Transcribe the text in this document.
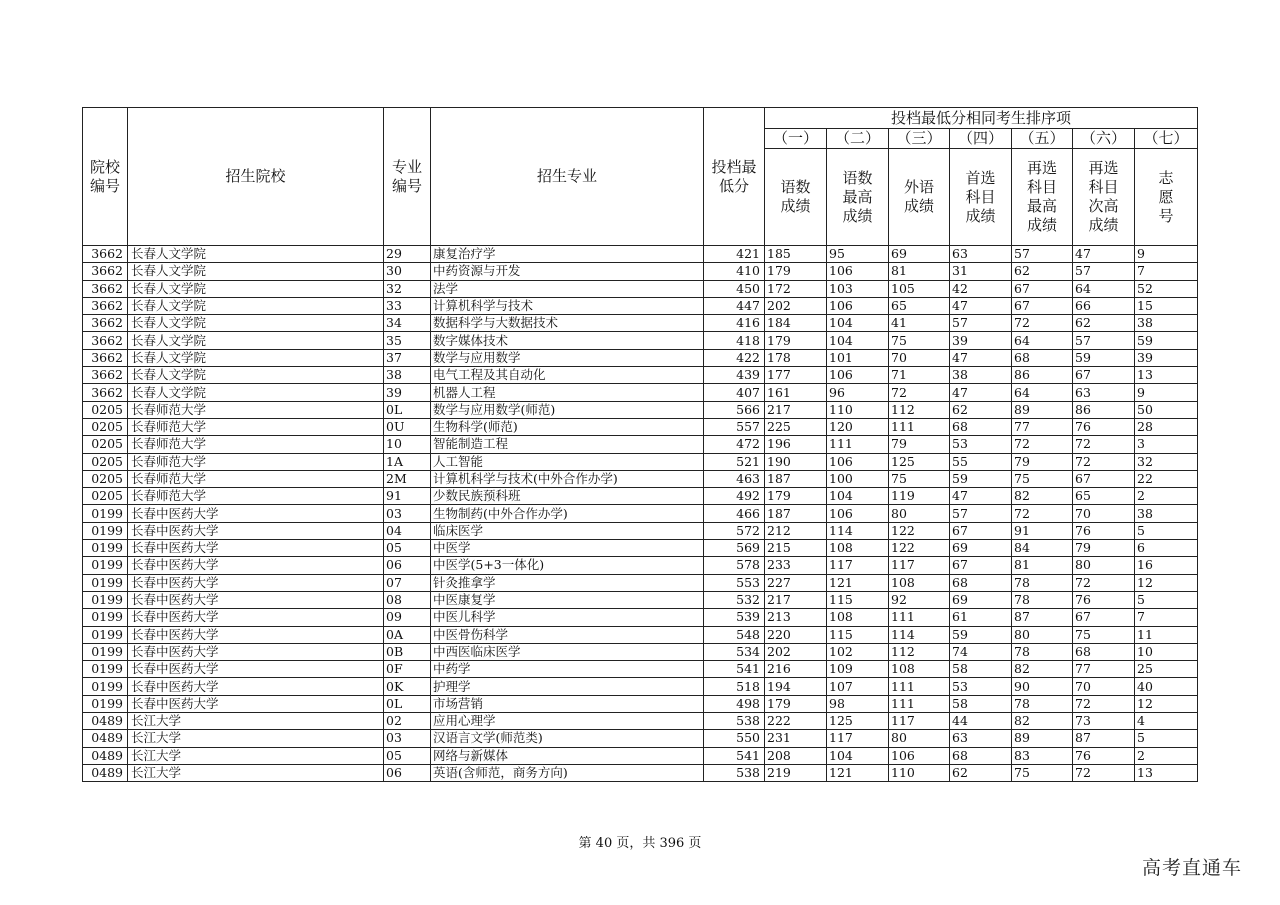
院校编号	招生院校	专业编号	招生专业	投档最低分	投档最低分相同考生排序项						
					（一）	（二）	（三）	（四）	（五）	（六）	（七）
					语数成绩	语数最高成绩	外语成绩	首选科目成绩	再选科目最高成绩	再选科目次高成绩	志愿号
3662	长春人文学院	29	康复治疗学	421	185	95	69	63	57	47	9
3662	长春人文学院	30	中药资源与开发	410	179	106	81	31	62	57	7
3662	长春人文学院	32	法学	450	172	103	105	42	67	64	52
3662	长春人文学院	33	计算机科学与技术	447	202	106	65	47	67	66	15
3662	长春人文学院	34	数据科学与大数据技术	416	184	104	41	57	72	62	38
3662	长春人文学院	35	数字媒体技术	418	179	104	75	39	64	57	59
3662	长春人文学院	37	数学与应用数学	422	178	101	70	47	68	59	39
3662	长春人文学院	38	电气工程及其自动化	439	177	106	71	38	86	67	13
3662	长春人文学院	39	机器人工程	407	161	96	72	47	64	63	9
0205	长春师范大学	0L	数学与应用数学(师范)	566	217	110	112	62	89	86	50
0205	长春师范大学	0U	生物科学(师范)	557	225	120	111	68	77	76	28
0205	长春师范大学	10	智能制造工程	472	196	111	79	53	72	72	3
0205	长春师范大学	1A	人工智能	521	190	106	125	55	79	72	32
0205	长春师范大学	2M	计算机科学与技术(中外合作办学)	463	187	100	75	59	75	67	22
0205	长春师范大学	91	少数民族预科班	492	179	104	119	47	82	65	2
0199	长春中医药大学	03	生物制药(中外合作办学)	466	187	106	80	57	72	70	38
0199	长春中医药大学	04	临床医学	572	212	114	122	67	91	76	5
0199	长春中医药大学	05	中医学	569	215	108	122	69	84	79	6
0199	长春中医药大学	06	中医学(5+3一体化)	578	233	117	117	67	81	80	16
0199	长春中医药大学	07	针灸推拿学	553	227	121	108	68	78	72	12
0199	长春中医药大学	08	中医康复学	532	217	115	92	69	78	76	5
0199	长春中医药大学	09	中医儿科学	539	213	108	111	61	87	67	7
0199	长春中医药大学	0A	中医骨伤科学	548	220	115	114	59	80	75	11
0199	长春中医药大学	0B	中西医临床医学	534	202	102	112	74	78	68	10
0199	长春中医药大学	0F	中药学	541	216	109	108	58	82	77	25
0199	长春中医药大学	0K	护理学	518	194	107	111	53	90	70	40
0199	长春中医药大学	0L	市场营销	498	179	98	111	58	78	72	12
0489	长江大学	02	应用心理学	538	222	125	117	44	82	73	4
0489	长江大学	03	汉语言文学(师范类)	550	231	117	80	63	89	87	5
0489	长江大学	05	网络与新媒体	541	208	104	106	68	83	76	2
0489	长江大学	06	英语(含师范，商务方向)	538	219	121	110	62	75	72	13
第 40 页，共 396 页
高考直通车
